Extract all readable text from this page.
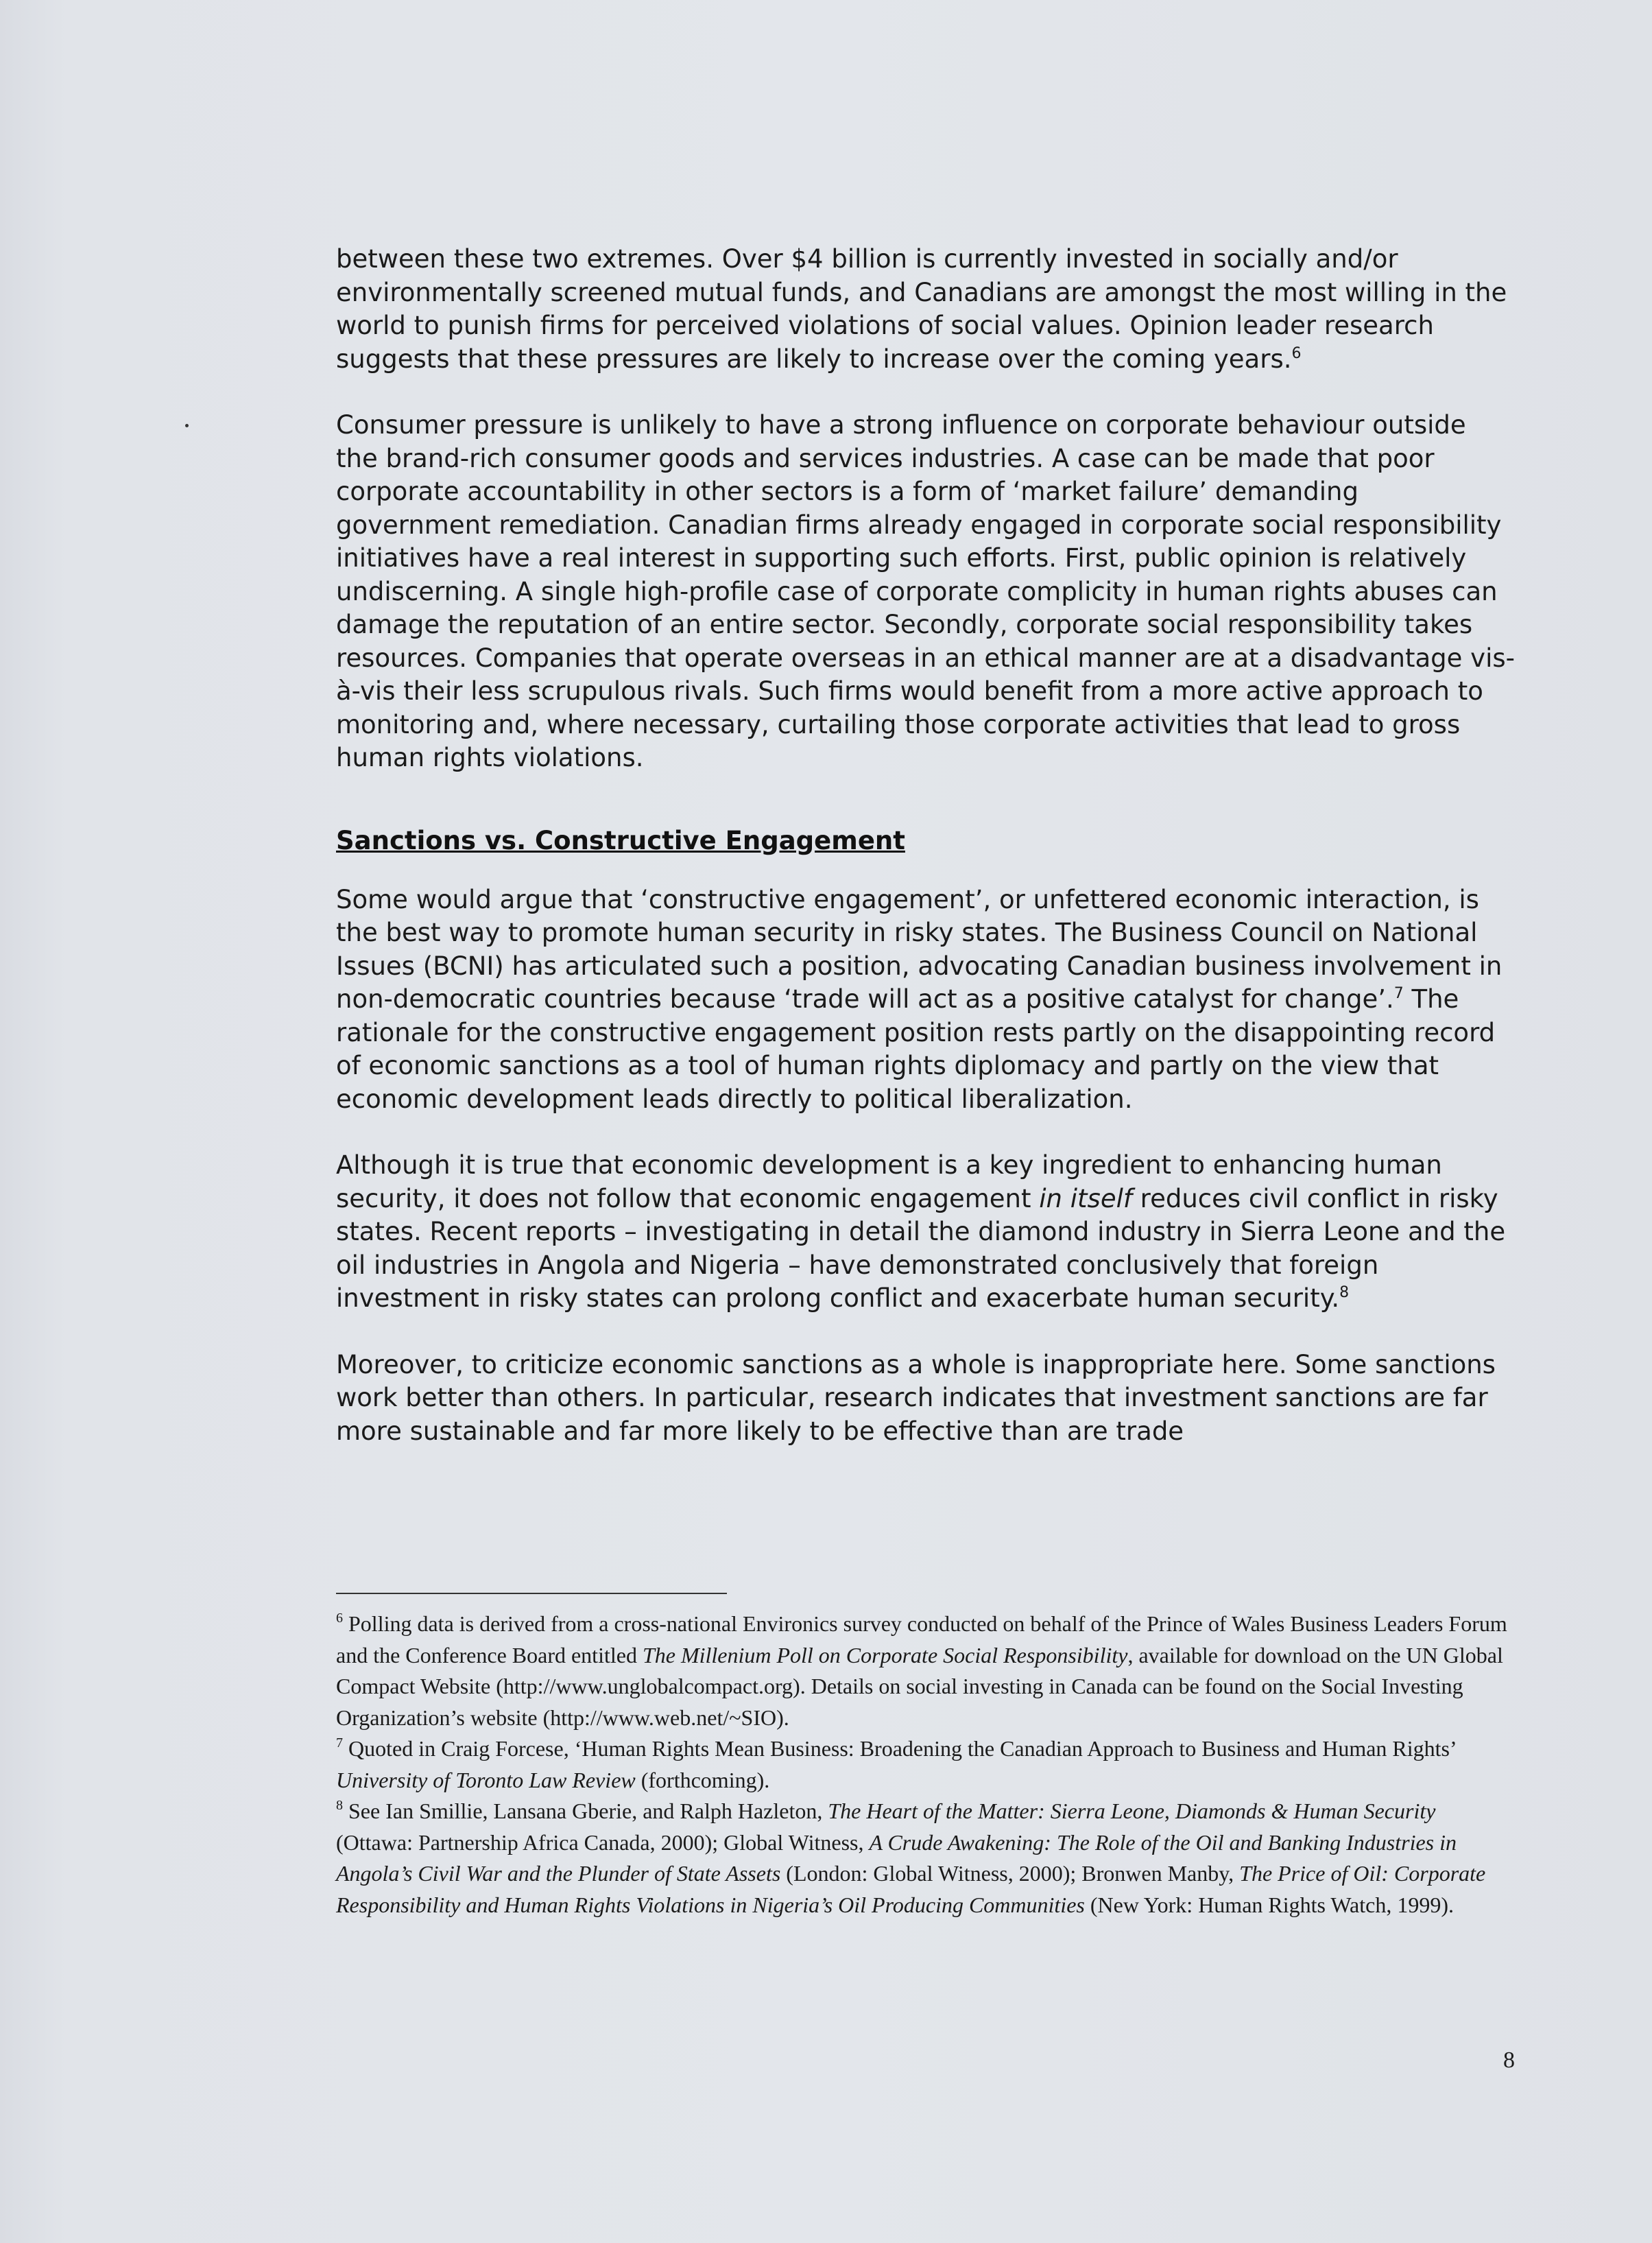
between these two extremes. Over $4 billion is currently invested in socially and/or environmentally screened mutual funds, and Canadians are amongst the most willing in the world to punish firms for perceived violations of social values. Opinion leader research suggests that these pressures are likely to increase over the coming years.$^6$

Consumer pressure is unlikely to have a strong influence on corporate behaviour outside the brand-rich consumer goods and services industries. A case can be made that poor corporate accountability in other sectors is a form of ‘market failure’ demanding government remediation. Canadian firms already engaged in corporate social responsibility initiatives have a real interest in supporting such efforts. First, public opinion is relatively undiscerning. A single high-profile case of corporate complicity in human rights abuses can damage the reputation of an entire sector. Secondly, corporate social responsibility takes resources. Companies that operate overseas in an ethical manner are at a disadvantage vis-à-vis their less scrupulous rivals. Such firms would benefit from a more active approach to monitoring and, where necessary, curtailing those corporate activities that lead to gross human rights violations.

Sanctions vs. Constructive Engagement

Some would argue that ‘constructive engagement’, or unfettered economic interaction, is the best way to promote human security in risky states. The Business Council on National Issues (BCNI) has articulated such a position, advocating Canadian business involvement in non-democratic countries because ‘trade will act as a positive catalyst for change’.$^7$ The rationale for the constructive engagement position rests partly on the disappointing record of economic sanctions as a tool of human rights diplomacy and partly on the view that economic development leads directly to political liberalization.

Although it is true that economic development is a key ingredient to enhancing human security, it does not follow that economic engagement in itself reduces civil conflict in risky states. Recent reports – investigating in detail the diamond industry in Sierra Leone and the oil industries in Angola and Nigeria – have demonstrated conclusively that foreign investment in risky states can prolong conflict and exacerbate human security.$^8$

Moreover, to criticize economic sanctions as a whole is inappropriate here. Some sanctions work better than others. In particular, research indicates that investment sanctions are far more sustainable and far more likely to be effective than are trade

$^6$ Polling data is derived from a cross-national Environics survey conducted on behalf of the Prince of Wales Business Leaders Forum and the Conference Board entitled The Millenium Poll on Corporate Social Responsibility, available for download on the UN Global Compact Website (http://www.unglobalcompact.org). Details on social investing in Canada can be found on the Social Investing Organization’s website (http://www.web.net/~SIO).

$^7$ Quoted in Craig Forcese, ‘Human Rights Mean Business: Broadening the Canadian Approach to Business and Human Rights’ University of Toronto Law Review (forthcoming).

$^8$ See Ian Smillie, Lansana Gberie, and Ralph Hazleton, The Heart of the Matter: Sierra Leone, Diamonds & Human Security (Ottawa: Partnership Africa Canada, 2000); Global Witness, A Crude Awakening: The Role of the Oil and Banking Industries in Angola’s Civil War and the Plunder of State Assets (London: Global Witness, 2000); Bronwen Manby, The Price of Oil: Corporate Responsibility and Human Rights Violations in Nigeria’s Oil Producing Communities (New York: Human Rights Watch, 1999).

8
